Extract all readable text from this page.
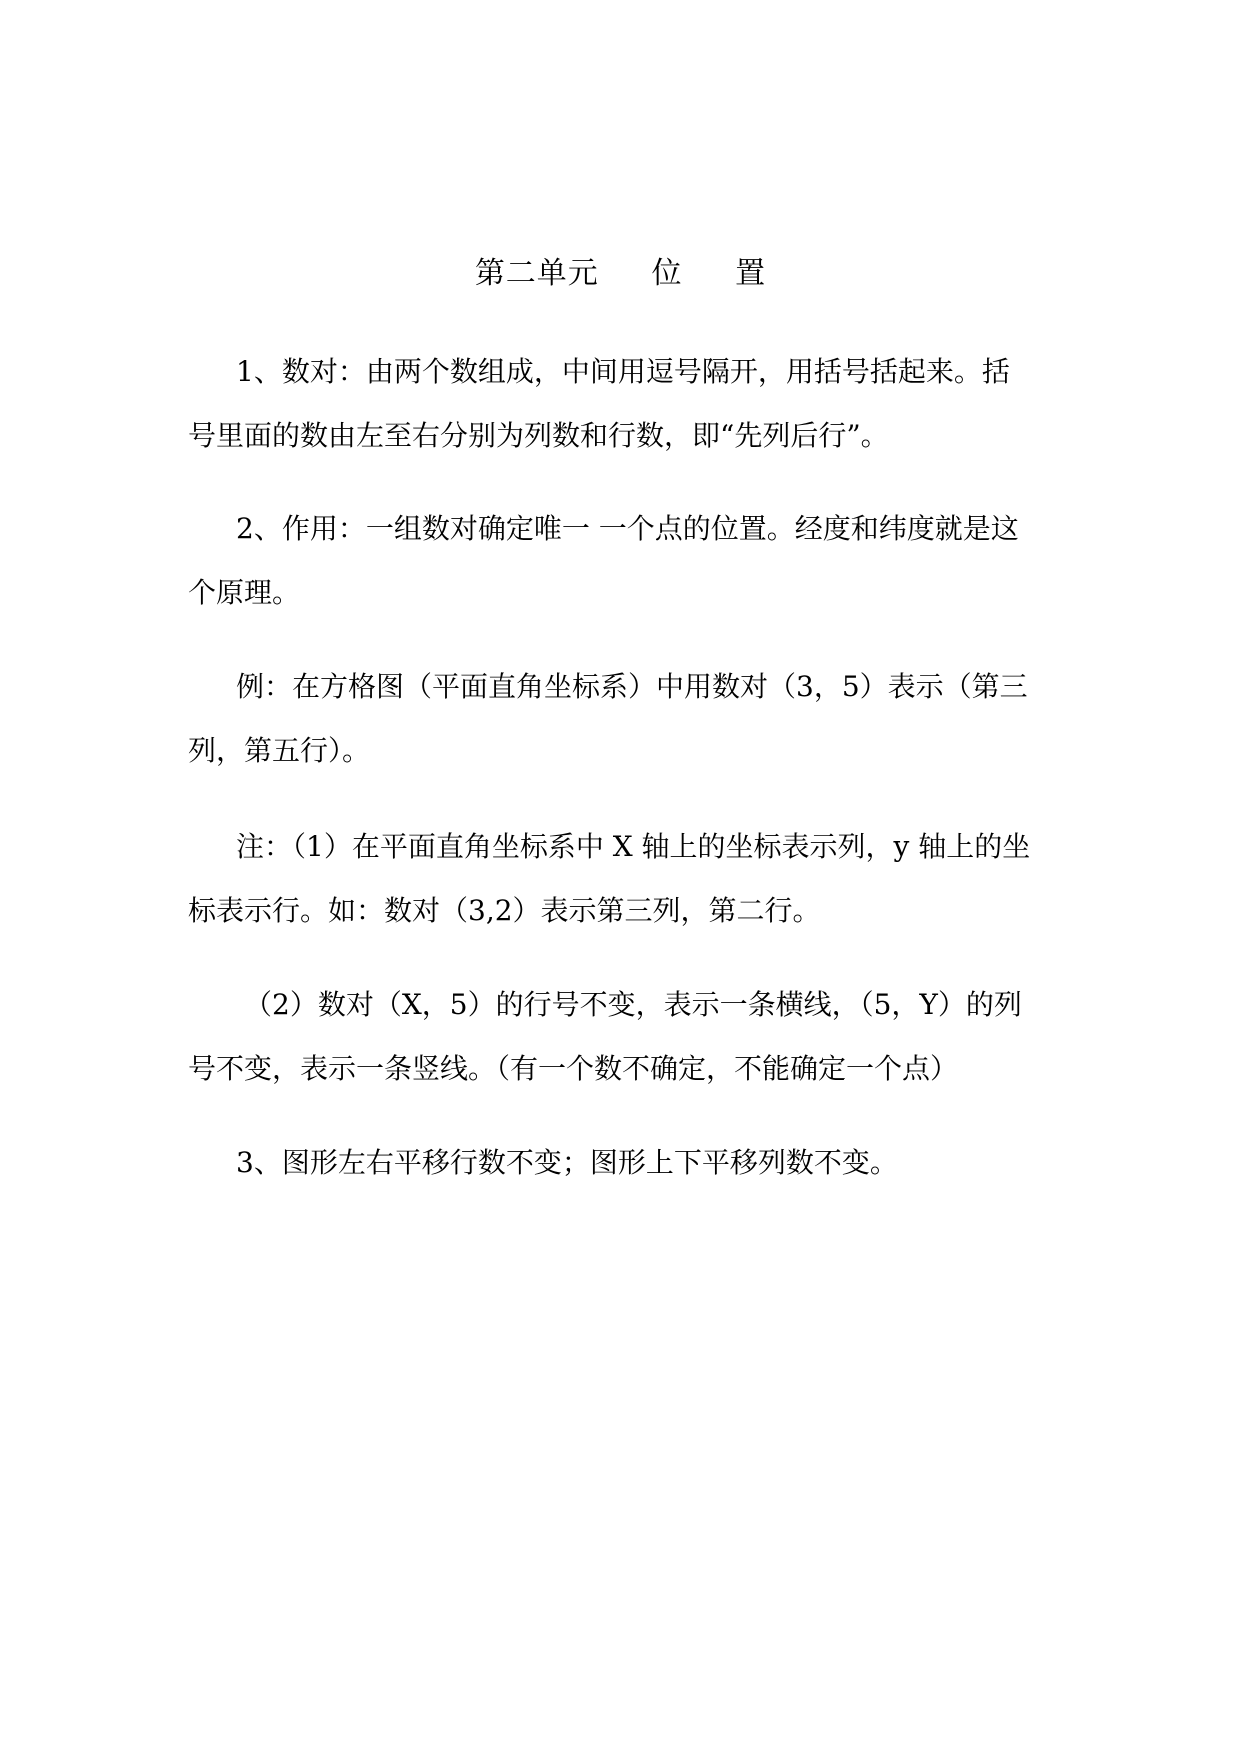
第二单元     位     置
1、数对：由两个数组成，中间用逗号隔开，用括号括起来。括
号里面的数由左至右分别为列数和行数，即“先列后行”。
2、作用：一组数对确定唯一 一个点的位置。经度和纬度就是这
个原理。
例：在方格图（平面直角坐标系）中用数对（3，5）表示（第三
列，第五行）。
注：（1）在平面直角坐标系中 X 轴上的坐标表示列，y 轴上的坐
标表示行。如：数对（3,2）表示第三列，第二行。
（2）数对（X，5）的行号不变，表示一条横线，（5，Y）的列
号不变，表示一条竖线。（有一个数不确定，不能确定一个点）
3、图形左右平移行数不变；图形上下平移列数不变。
